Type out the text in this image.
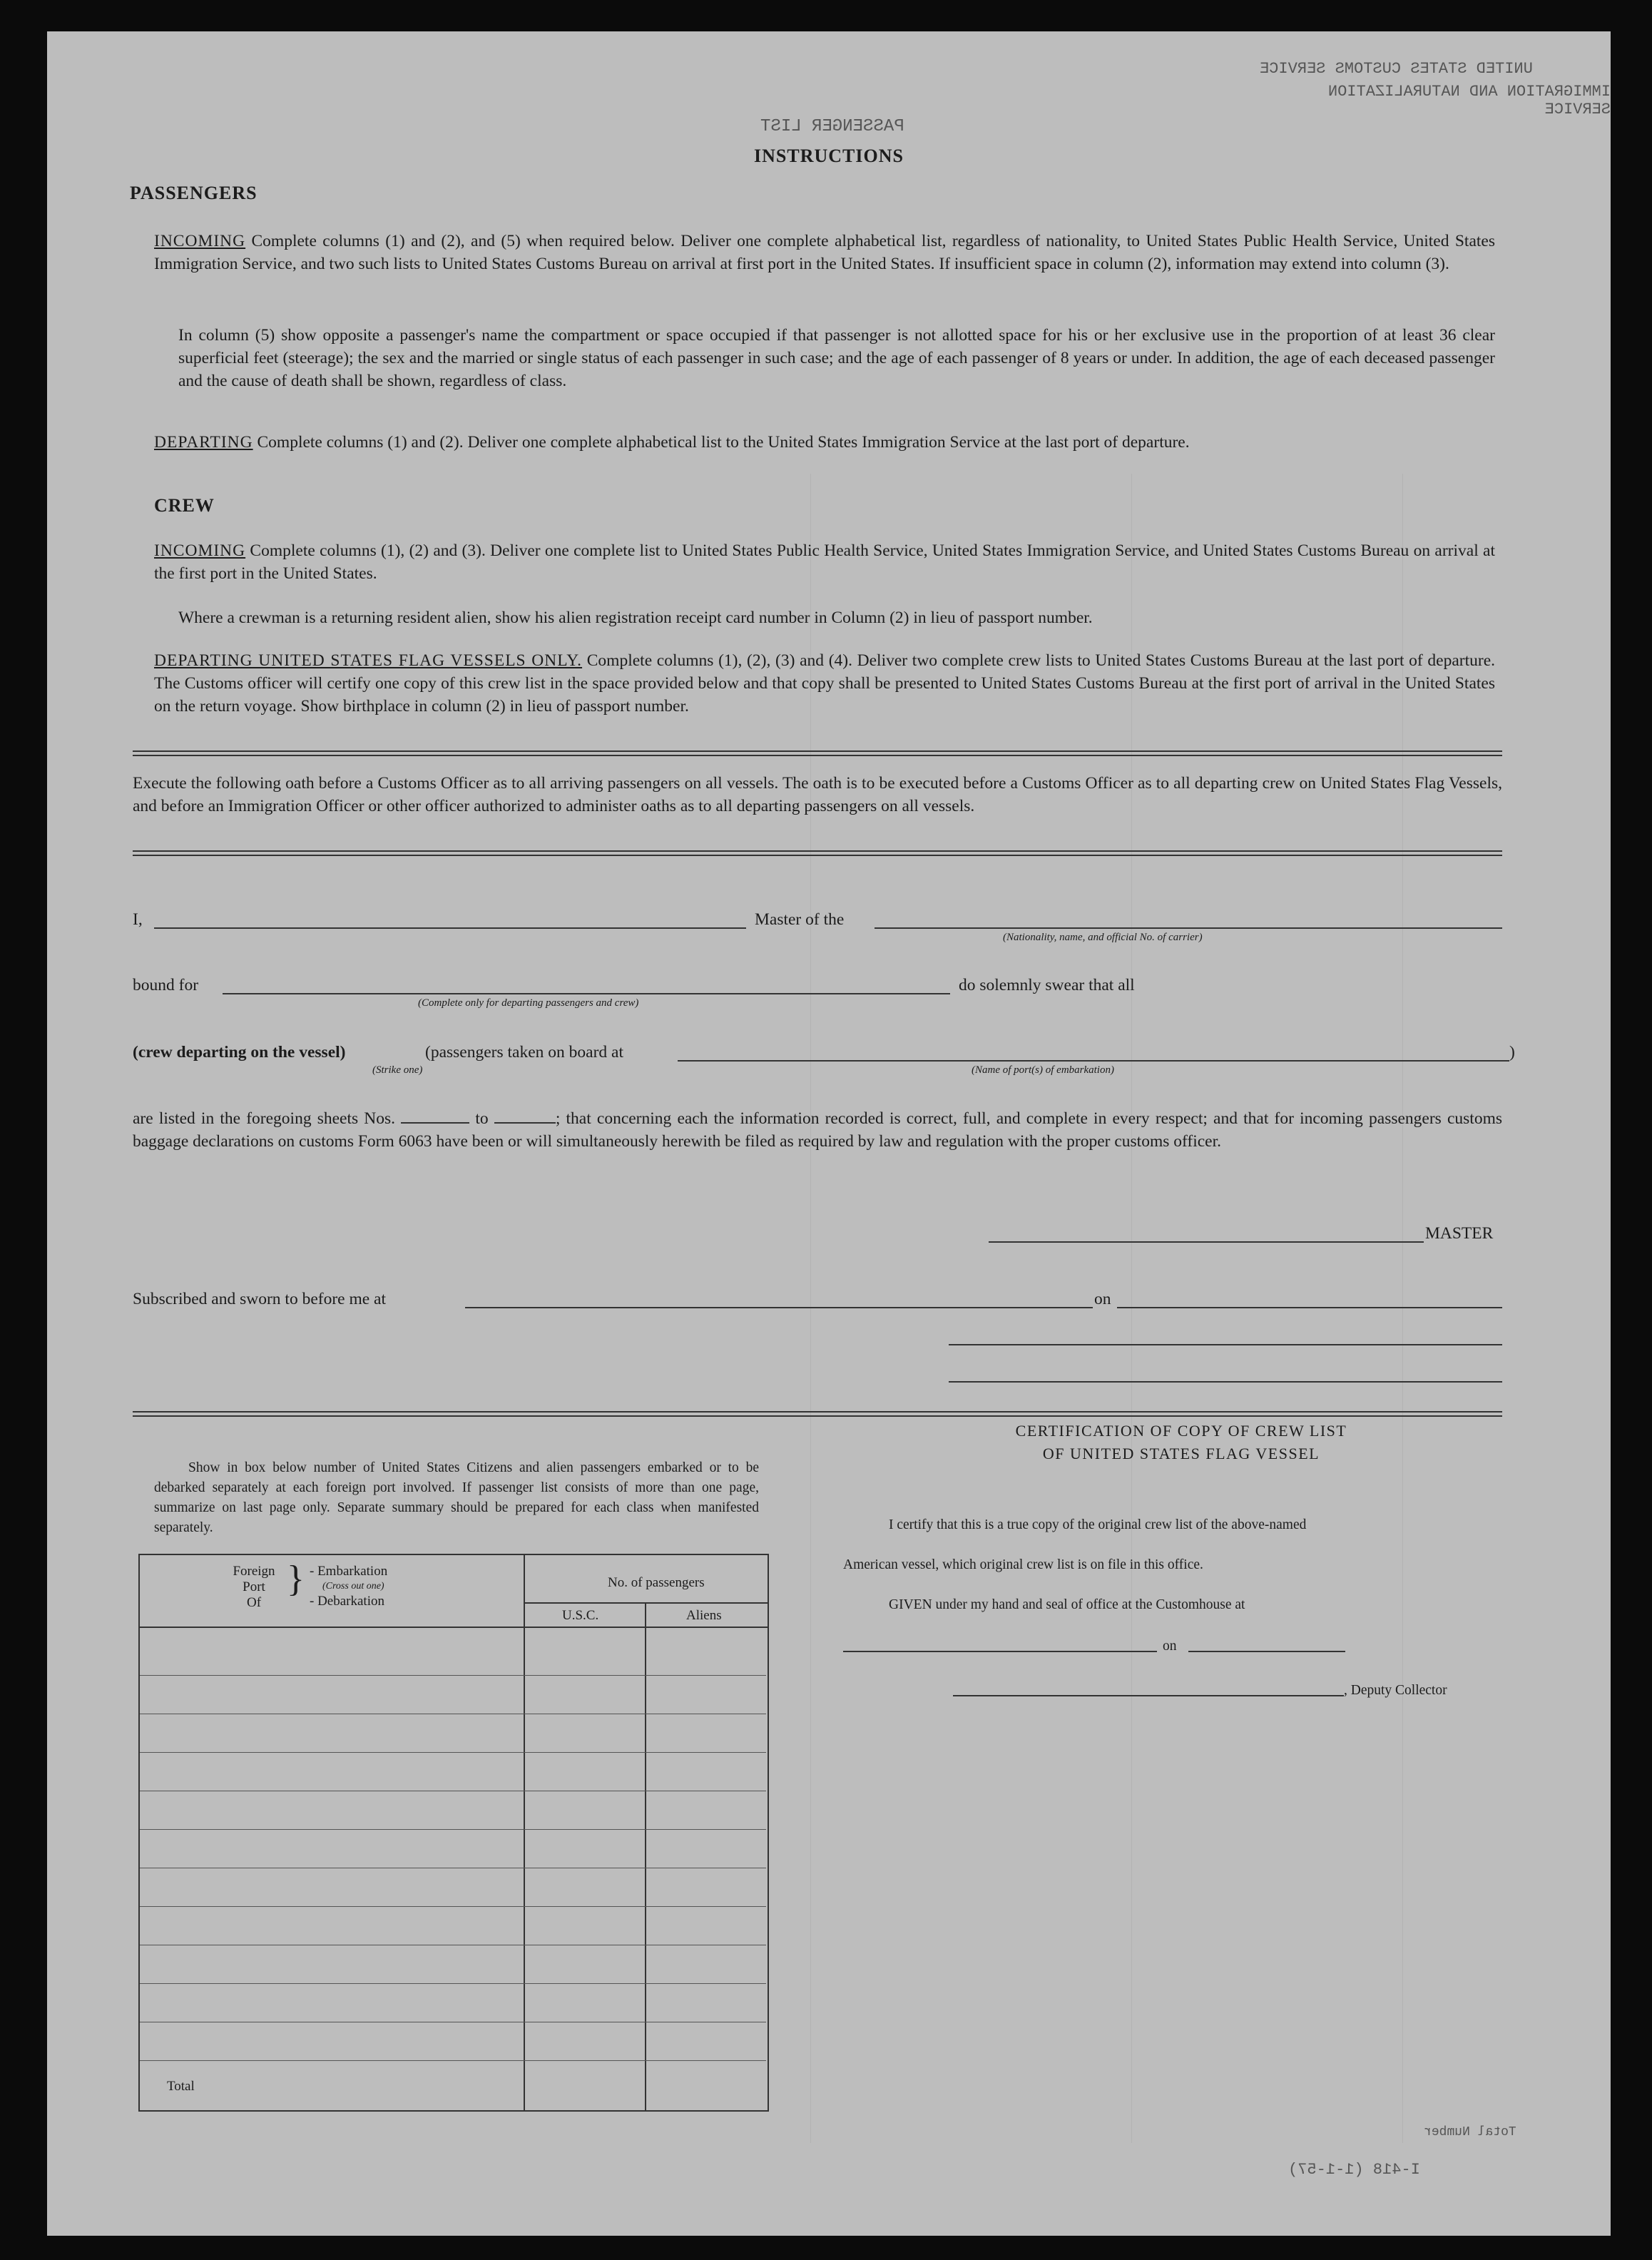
UNITED STATES CUSTOMS SERVICE
IMMIGRATION AND NATURALIZATION SERVICE
PASSENGER LIST
I-418 (1-1-57)
Total Number
INSTRUCTIONS
PASSENGERS
INCOMING Complete columns (1) and (2), and (5) when required below. Deliver one complete alphabetical list, regardless of nationality, to United States Public Health Service, United States Immigration Service, and two such lists to United States Customs Bureau on arrival at first port in the United States. If insufficient space in column (2), information may extend into column (3).
In column (5) show opposite a passenger's name the compartment or space occupied if that passenger is not allotted space for his or her exclusive use in the proportion of at least 36 clear superficial feet (steerage); the sex and the married or single status of each passenger in such case; and the age of each passenger of 8 years or under. In addition, the age of each deceased passenger and the cause of death shall be shown, regardless of class.
DEPARTING Complete columns (1) and (2). Deliver one complete alphabetical list to the United States Immigration Service at the last port of departure.
CREW
INCOMING Complete columns (1), (2) and (3). Deliver one complete list to United States Public Health Service, United States Immigration Service, and United States Customs Bureau on arrival at the first port in the United States.
Where a crewman is a returning resident alien, show his alien registration receipt card number in Column (2) in lieu of passport number.
DEPARTING UNITED STATES FLAG VESSELS ONLY. Complete columns (1), (2), (3) and (4). Deliver two complete crew lists to United States Customs Bureau at the last port of departure. The Customs officer will certify one copy of this crew list in the space provided below and that copy shall be presented to United States Customs Bureau at the first port of arrival in the United States on the return voyage. Show birthplace in column (2) in lieu of passport number.
Execute the following oath before a Customs Officer as to all arriving passengers on all vessels. The oath is to be executed before a Customs Officer as to all departing crew on United States Flag Vessels, and before an Immigration Officer or other officer authorized to administer oaths as to all departing passengers on all vessels.
I,	Master of the
(Nationality, name, and official No. of carrier)
bound for
(Complete only for departing passengers and crew)
do solemnly swear that all
(crew departing on the vessel)	(passengers taken on board at	)
(Strike one)	(Name of port(s) of embarkation)
are listed in the foregoing sheets Nos.	to	; that concerning each the information recorded is correct, full, and complete in every respect; and that for incoming passengers customs baggage declarations on customs Form 6063 have been or will simultaneously herewith be filed as required by law and regulation with the proper customs officer.
MASTER
Subscribed and sworn to before me at	on
Show in box below number of United States Citizens and alien passengers embarked or to be debarked separately at each foreign port involved. If passenger list consists of more than one page, summarize on last page only. Separate summary should be prepared for each class when manifested separately.
Foreign
Port
Of
} - Embarkation
(Cross out one)
- Debarkation
No. of passengers
U.S.C.	Aliens
Total
CERTIFICATION OF COPY OF CREW LIST
OF UNITED STATES FLAG VESSEL
I certify that this is a true copy of the original crew list of the above-named
American vessel, which original crew list is on file in this office.
GIVEN under my hand and seal of office at the Customhouse at
on
, Deputy Collector
